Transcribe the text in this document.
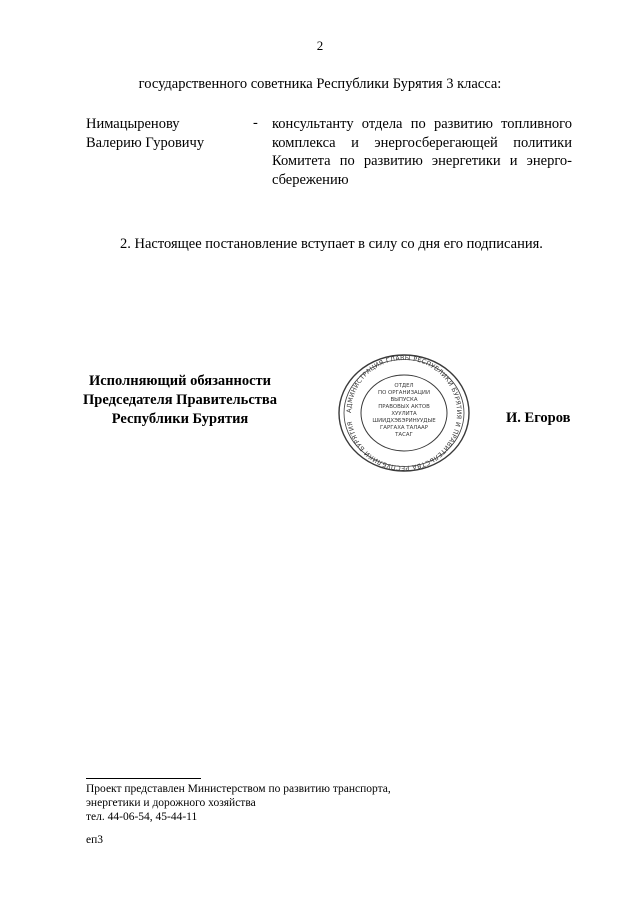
2
государственного советника Республики Бурятия 3 класса:
Нимацыренову
Валерию Гуровичу
- консультанту отдела по развитию топливного комплекса и энергосберегающей политики Комитета по развитию энергетики и энерго-сбережению
2. Настоящее постановление вступает в силу со дня его подписания.
Исполняющий обязанности
Председателя Правительства
Республики Бурятия
АДМИНИСТРАЦИЯ ГЛАВЫ РЕСПУБЛИКИ БУРЯТИЯ И ПРАВИТЕЛЬСТВА РЕСПУБЛИКИ БУРЯТИЯ
ОТДЕЛ
ПО ОРГАНИЗАЦИИ
ВЫПУСКА
ПРАВОВЫХ АКТОВ
ХУУЛИТА
ШИИДХЭБЭРИНУУДЫЕ
ГАРГАХА ТАЛААР
ТАСАГ
И. Егоров
Проект представлен Министерством по развитию транспорта,
энергетики и дорожного хозяйства
тел. 44-06-54, 45-44-11
еп3
